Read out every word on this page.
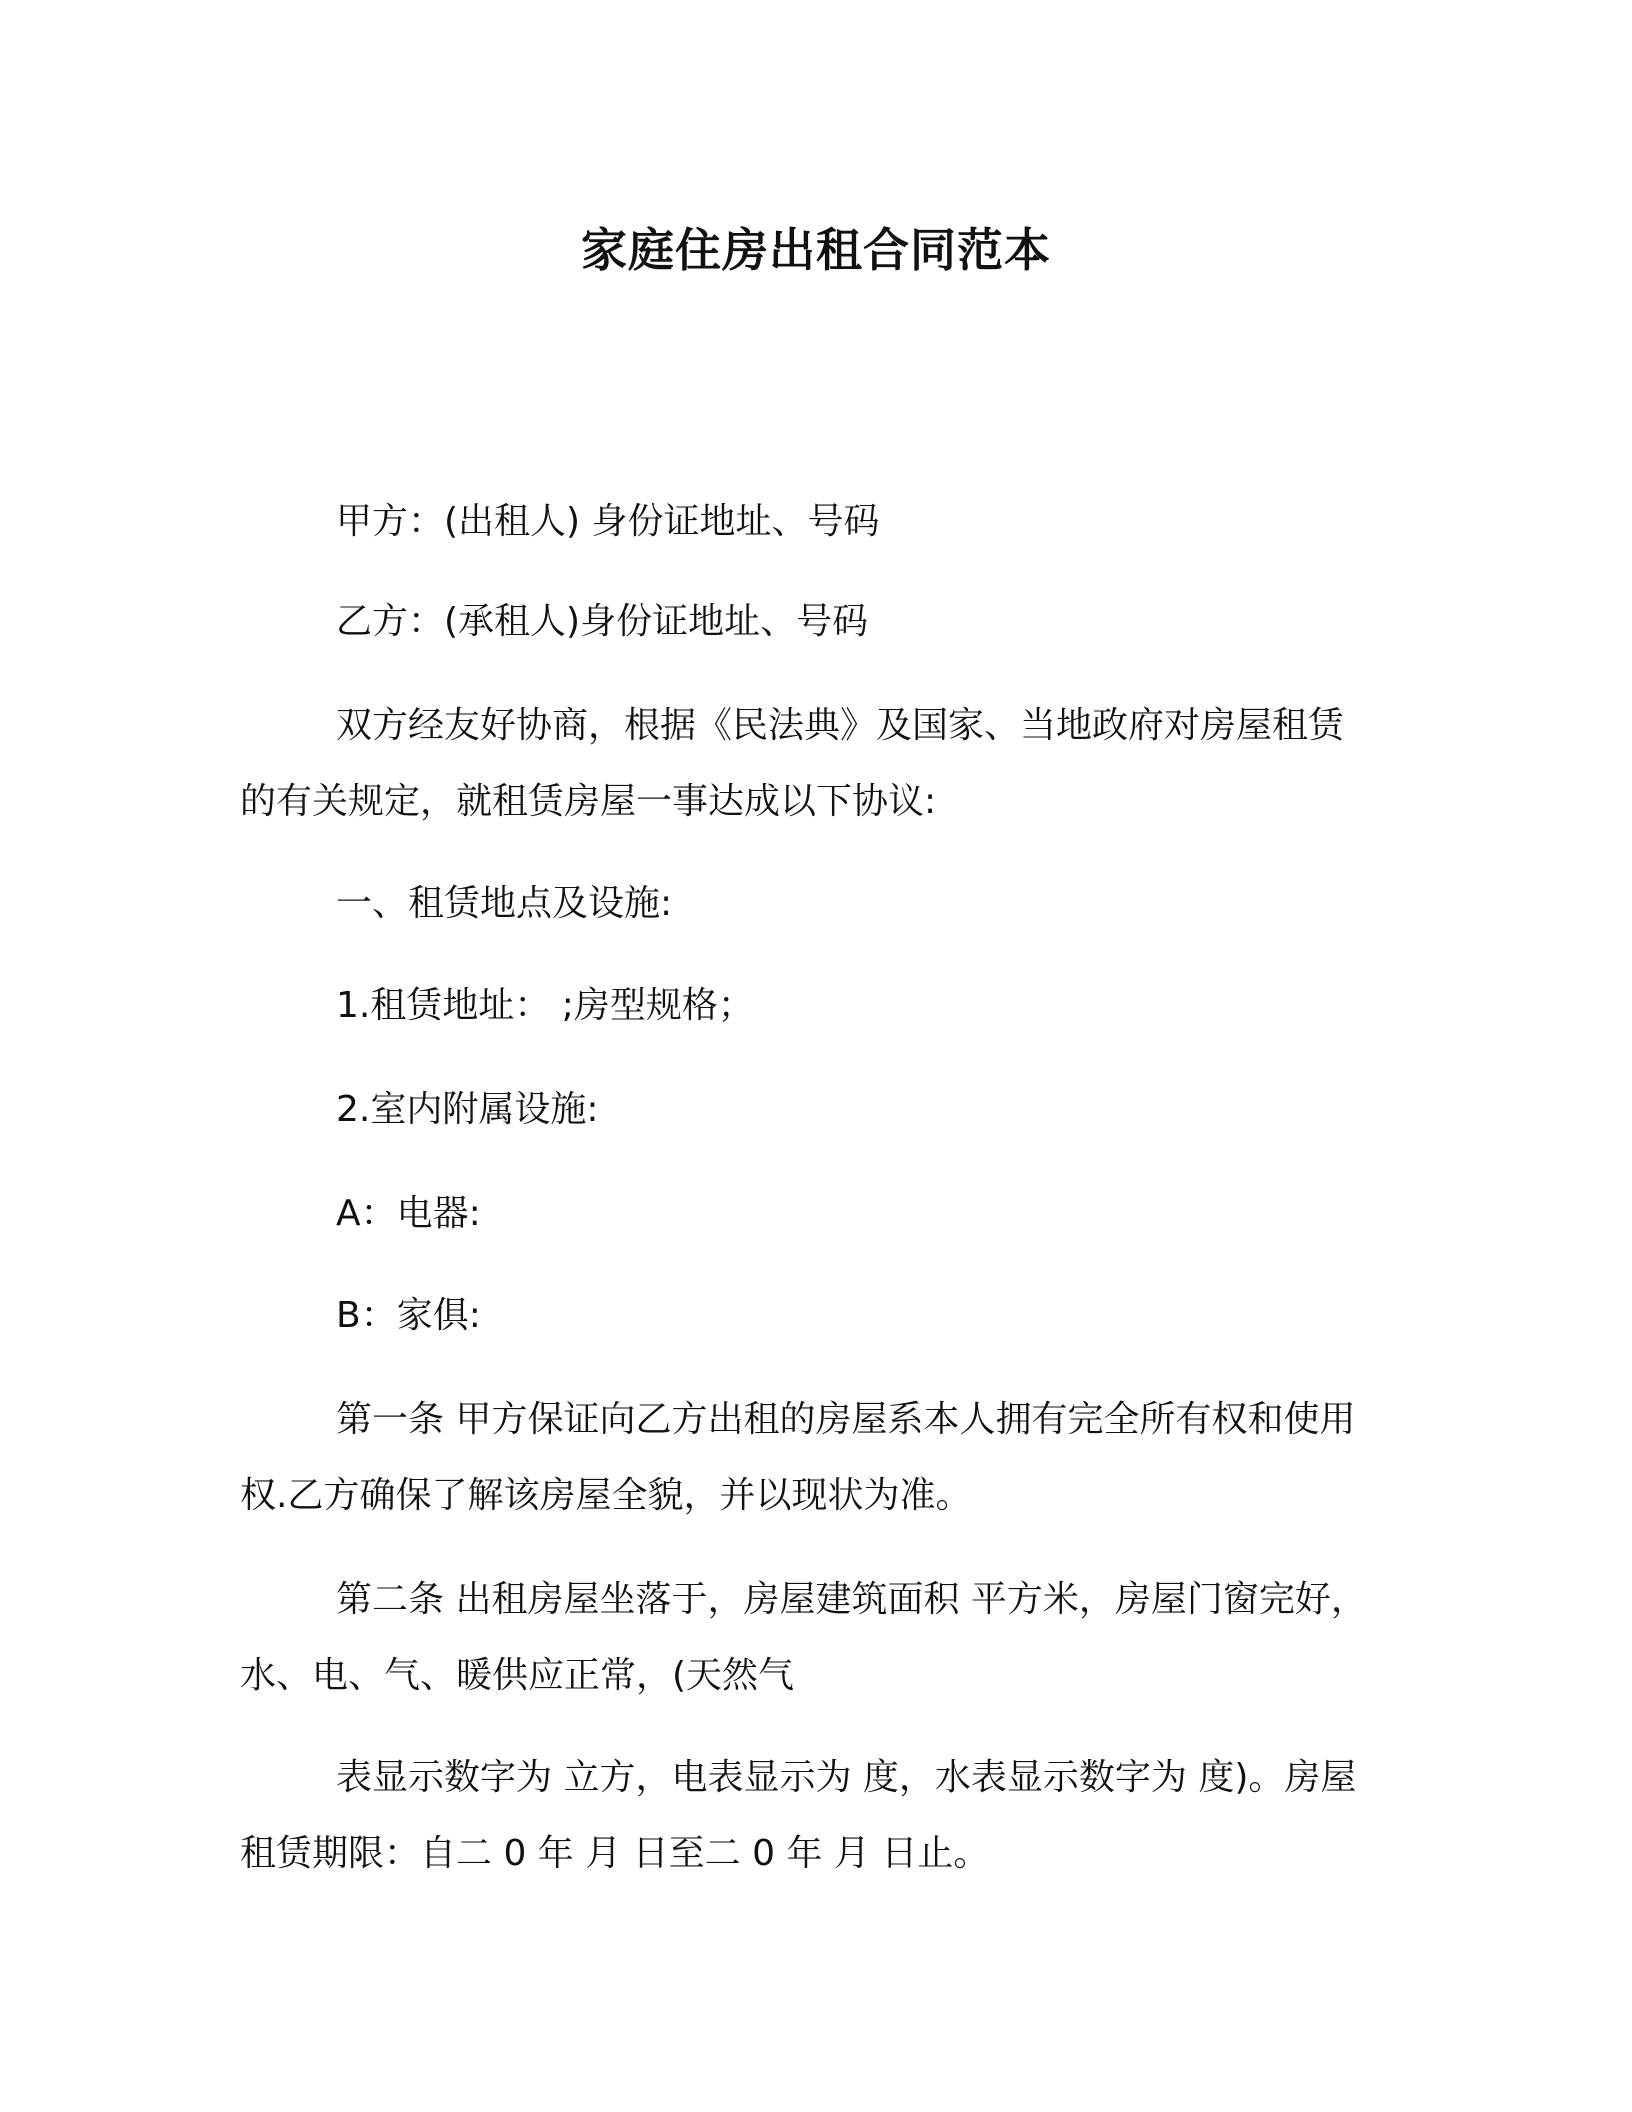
家庭住房出租合同范本
甲方：(出租人) 身份证地址、号码
乙方：(承租人)身份证地址、号码
双方经友好协商，根据《民法典》及国家、当地政府对房屋租赁
的有关规定，就租赁房屋一事达成以下协议:
一、租赁地点及设施:
1.租赁地址： ;房型规格；
2.室内附属设施:
A：电器:
B：家俱:
第一条 甲方保证向乙方出租的房屋系本人拥有完全所有权和使用
权.乙方确保了解该房屋全貌，并以现状为准。
第二条 出租房屋坐落于，房屋建筑面积 平方米，房屋门窗完好，
水、电、气、暖供应正常，(天然气
表显示数字为 立方，电表显示为 度，水表显示数字为 度)。房屋
租赁期限：自二 0 年 月 日至二 0 年 月 日止。
